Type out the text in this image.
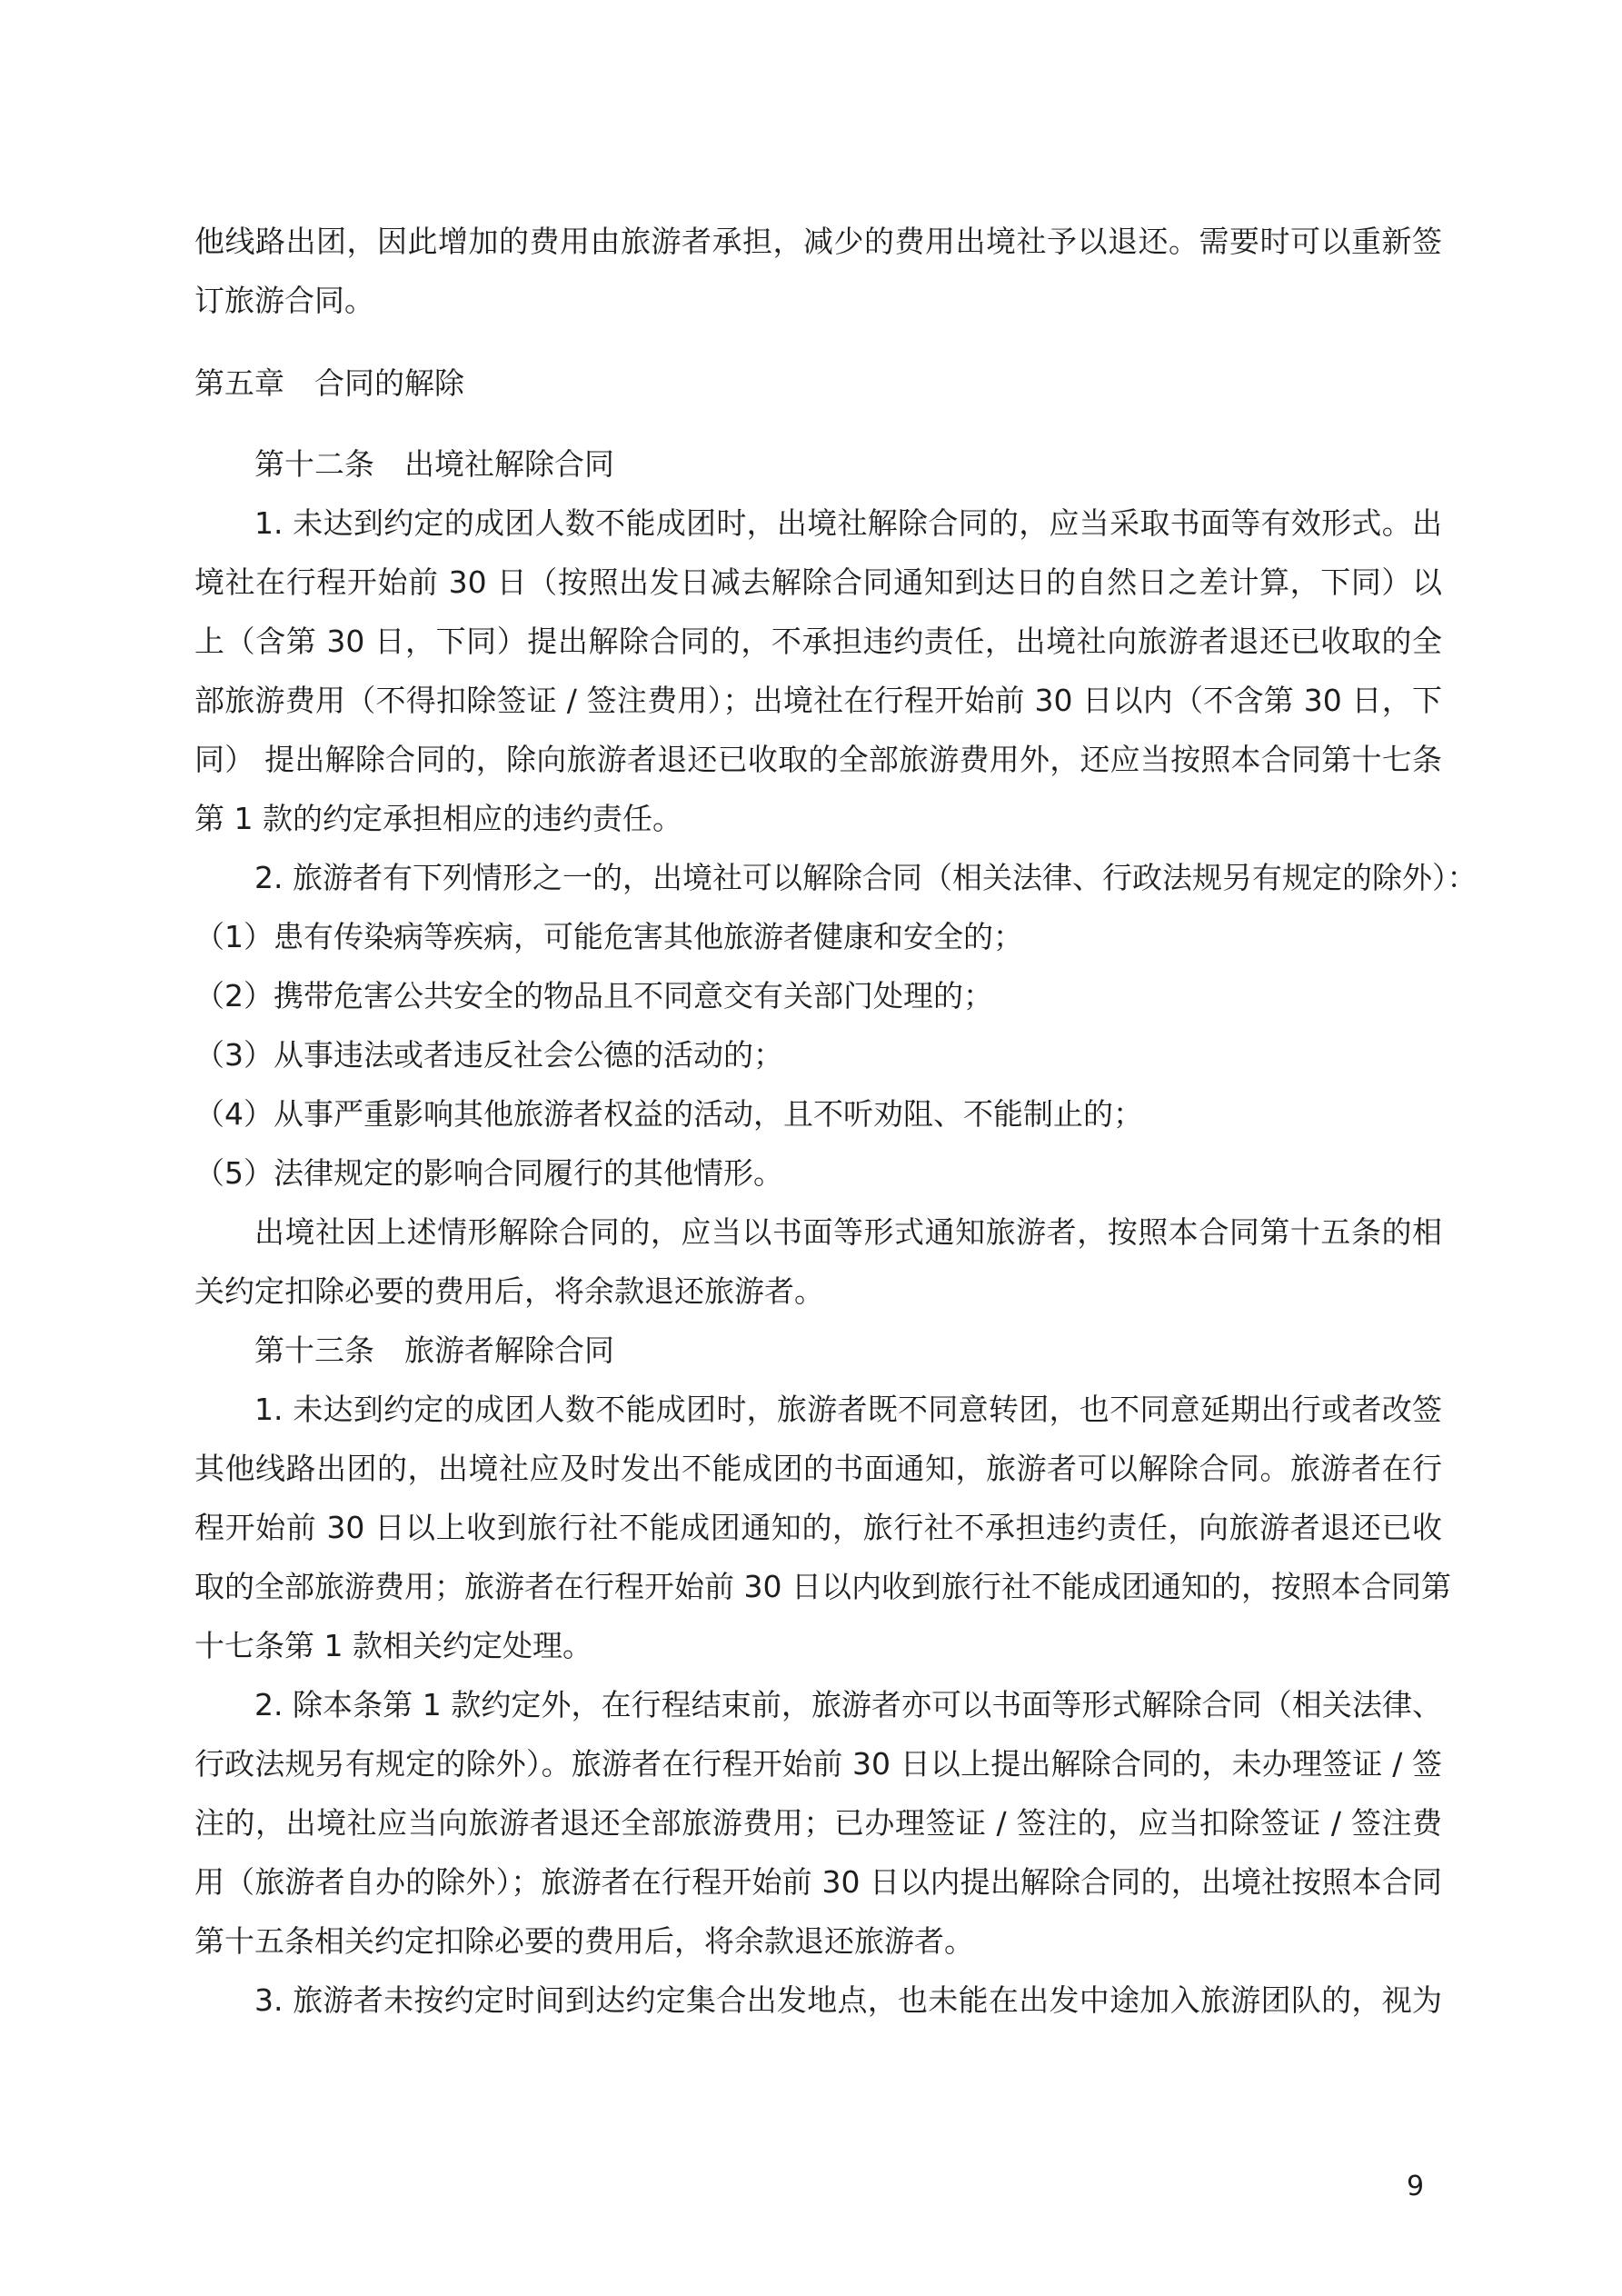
他线路出团，因此增加的费用由旅游者承担，减少的费用出境社予以退还。需要时可以重新签
订旅游合同。
第五章　合同的解除
第十二条　出境社解除合同
1. 未达到约定的成团人数不能成团时，出境社解除合同的，应当采取书面等有效形式。出
境社在行程开始前 30 日（按照出发日减去解除合同通知到达日的自然日之差计算，下同）以
上（含第 30 日，下同）提出解除合同的，不承担违约责任，出境社向旅游者退还已收取的全
部旅游费用（不得扣除签证 / 签注费用）；出境社在行程开始前 30 日以内（不含第 30 日，下
同） 提出解除合同的，除向旅游者退还已收取的全部旅游费用外，还应当按照本合同第十七条
第 1 款的约定承担相应的违约责任。
2. 旅游者有下列情形之一的，出境社可以解除合同（相关法律、行政法规另有规定的除外）：
（1）患有传染病等疾病，可能危害其他旅游者健康和安全的；
（2）携带危害公共安全的物品且不同意交有关部门处理的；
（3）从事违法或者违反社会公德的活动的；
（4）从事严重影响其他旅游者权益的活动，且不听劝阻、不能制止的；
（5）法律规定的影响合同履行的其他情形。
出境社因上述情形解除合同的，应当以书面等形式通知旅游者，按照本合同第十五条的相
关约定扣除必要的费用后，将余款退还旅游者。
第十三条　旅游者解除合同
1. 未达到约定的成团人数不能成团时，旅游者既不同意转团，也不同意延期出行或者改签
其他线路出团的，出境社应及时发出不能成团的书面通知，旅游者可以解除合同。旅游者在行
程开始前 30 日以上收到旅行社不能成团通知的，旅行社不承担违约责任，向旅游者退还已收
取的全部旅游费用；旅游者在行程开始前 30 日以内收到旅行社不能成团通知的，按照本合同第
十七条第 1 款相关约定处理。
2. 除本条第 1 款约定外，在行程结束前，旅游者亦可以书面等形式解除合同（相关法律、
行政法规另有规定的除外）。旅游者在行程开始前 30 日以上提出解除合同的，未办理签证 / 签
注的，出境社应当向旅游者退还全部旅游费用；已办理签证 / 签注的，应当扣除签证 / 签注费
用（旅游者自办的除外）；旅游者在行程开始前 30 日以内提出解除合同的，出境社按照本合同
第十五条相关约定扣除必要的费用后，将余款退还旅游者。
3. 旅游者未按约定时间到达约定集合出发地点，也未能在出发中途加入旅游团队的，视为
9
